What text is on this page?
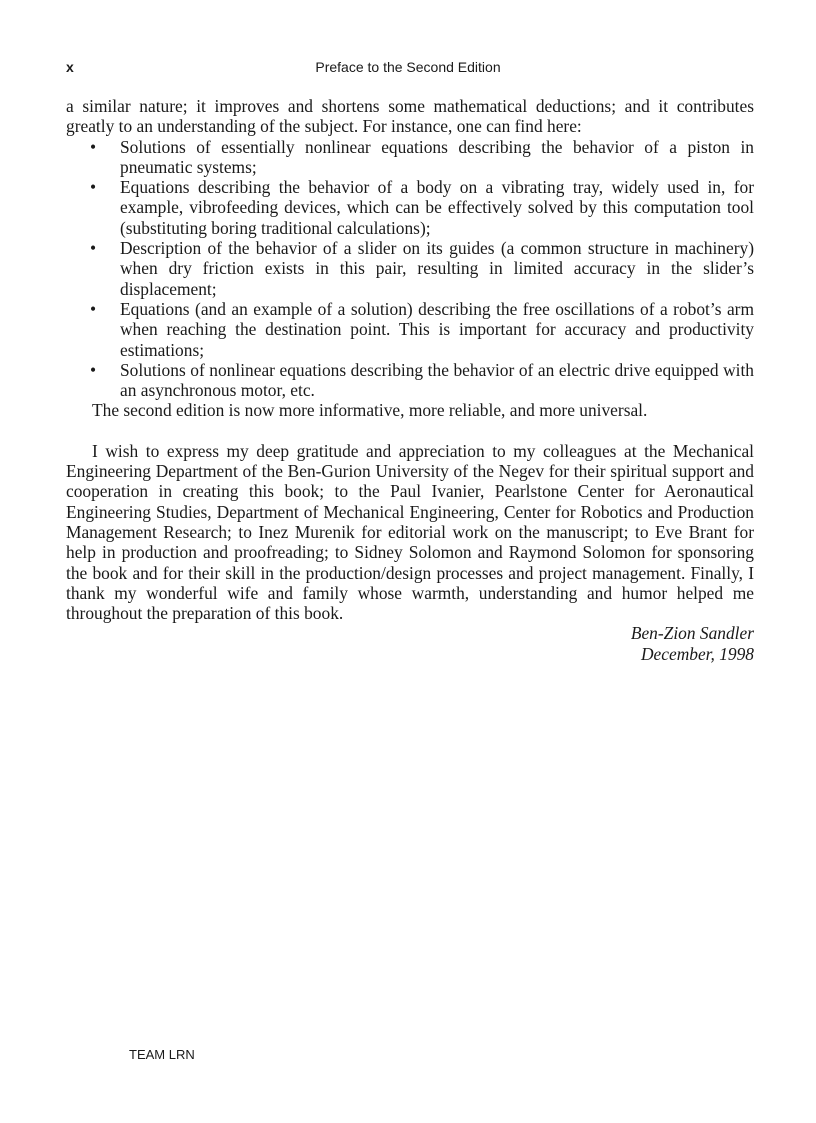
x	Preface to the Second Edition

a similar nature; it improves and shortens some mathematical deductions; and it contributes greatly to an understanding of the subject. For instance, one can find here:

• Solutions of essentially nonlinear equations describing the behavior of a piston in pneumatic systems;
• Equations describing the behavior of a body on a vibrating tray, widely used in, for example, vibrofeeding devices, which can be effectively solved by this computation tool (substituting boring traditional calculations);
• Description of the behavior of a slider on its guides (a common structure in machinery) when dry friction exists in this pair, resulting in limited accuracy in the slider’s displacement;
• Equations (and an example of a solution) describing the free oscillations of a robot’s arm when reaching the destination point. This is important for accuracy and productivity estimations;
• Solutions of nonlinear equations describing the behavior of an electric drive equipped with an asynchronous motor, etc.

The second edition is now more informative, more reliable, and more universal.

I wish to express my deep gratitude and appreciation to my colleagues at the Mechanical Engineering Department of the Ben-Gurion University of the Negev for their spiritual support and cooperation in creating this book; to the Paul Ivanier, Pearlstone Center for Aeronautical Engineering Studies, Department of Mechanical Engineering, Center for Robotics and Production Management Research; to Inez Murenik for editorial work on the manuscript; to Eve Brant for help in production and proofreading; to Sidney Solomon and Raymond Solomon for sponsoring the book and for their skill in the production/design processes and project management. Finally, I thank my wonderful wife and family whose warmth, understanding and humor helped me throughout the preparation of this book.

Ben-Zion Sandler

December, 1998

TEAM LRN
